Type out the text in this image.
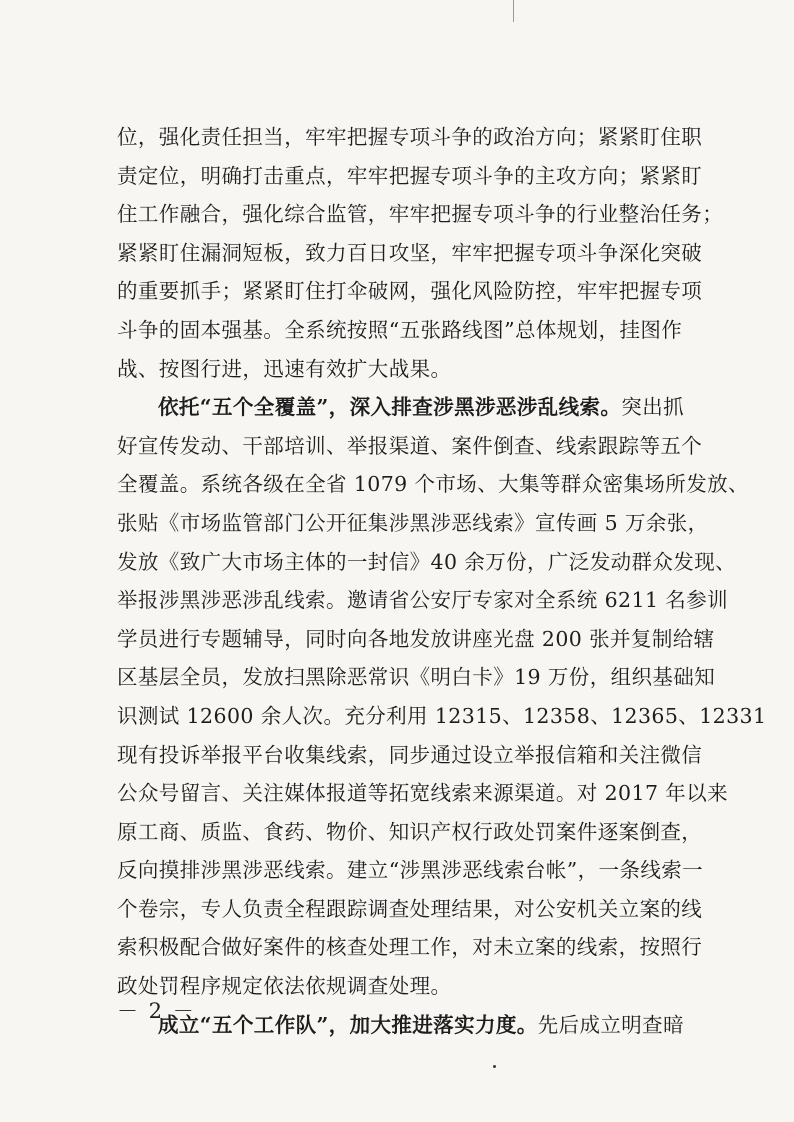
位，强化责任担当，牢牢把握专项斗争的政治方向；紧紧盯住职
责定位，明确打击重点，牢牢把握专项斗争的主攻方向；紧紧盯
住工作融合，强化综合监管，牢牢把握专项斗争的行业整治任务；
紧紧盯住漏洞短板，致力百日攻坚，牢牢把握专项斗争深化突破
的重要抓手；紧紧盯住打伞破网，强化风险防控，牢牢把握专项
斗争的固本强基。全系统按照“五张路线图”总体规划，挂图作
战、按图行进，迅速有效扩大战果。
依托“五个全覆盖”，深入排查涉黑涉恶涉乱线索。突出抓
好宣传发动、干部培训、举报渠道、案件倒查、线索跟踪等五个
全覆盖。系统各级在全省 1079 个市场、大集等群众密集场所发放、
张贴《市场监管部门公开征集涉黑涉恶线索》宣传画 5 万余张，
发放《致广大市场主体的一封信》40 余万份，广泛发动群众发现、
举报涉黑涉恶涉乱线索。邀请省公安厅专家对全系统 6211 名参训
学员进行专题辅导，同时向各地发放讲座光盘 200 张并复制给辖
区基层全员，发放扫黑除恶常识《明白卡》19 万份，组织基础知
识测试 12600 余人次。充分利用 12315、12358、12365、12331
现有投诉举报平台收集线索，同步通过设立举报信箱和关注微信
公众号留言、关注媒体报道等拓宽线索来源渠道。对 2017 年以来
原工商、质监、食药、物价、知识产权行政处罚案件逐案倒查，
反向摸排涉黑涉恶线索。建立“涉黑涉恶线索台帐”，一条线索一
个卷宗，专人负责全程跟踪调查处理结果，对公安机关立案的线
索积极配合做好案件的核查处理工作，对未立案的线索，按照行
政处罚程序规定依法依规调查处理。
成立“五个工作队”，加大推进落实力度。先后成立明查暗
－ 2 －
